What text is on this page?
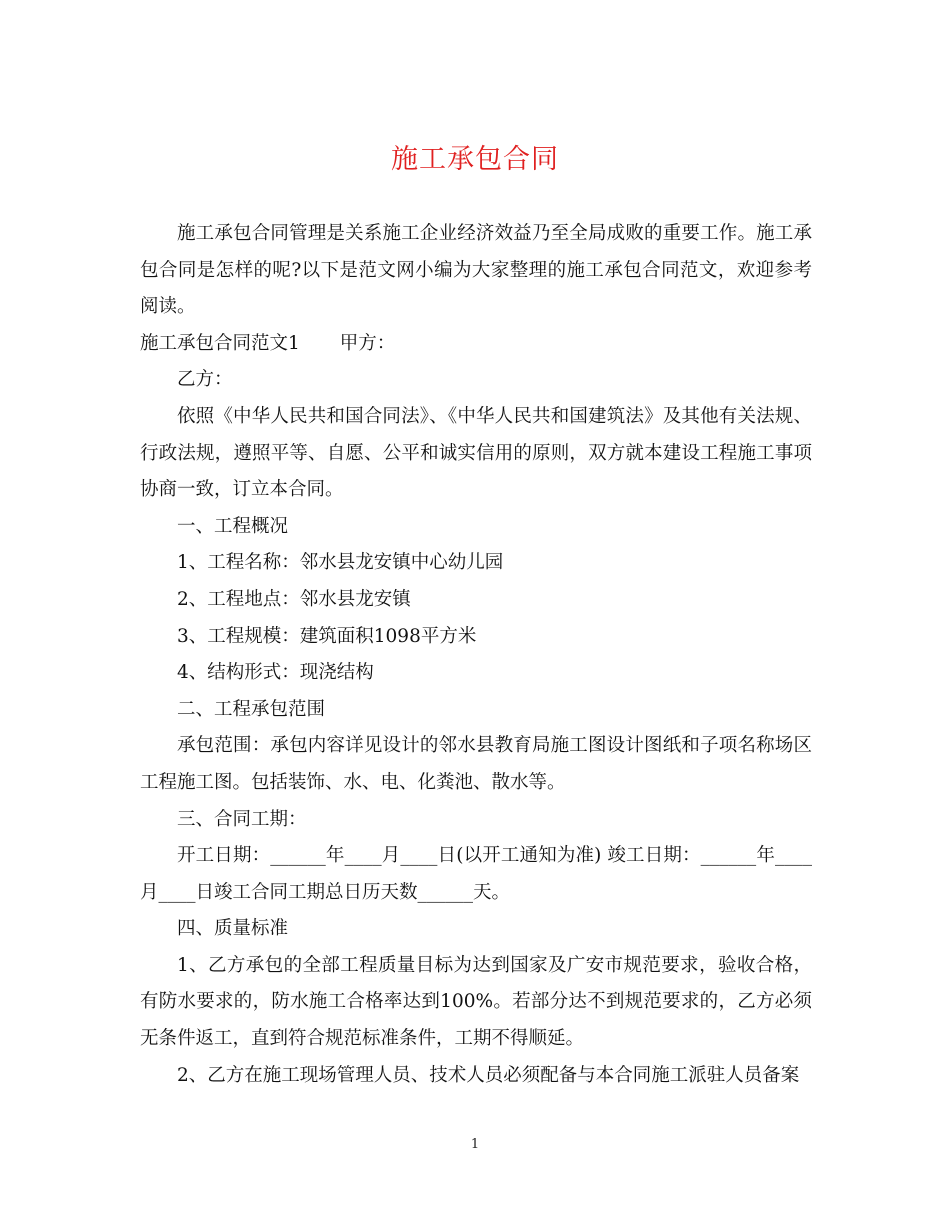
施工承包合同

施工承包合同管理是关系施工企业经济效益乃至全局成败的重要工作。施工承包合同是怎样的呢?以下是范文网小编为大家整理的施工承包合同范文，欢迎参考阅读。

施工承包合同范文1 甲方：

乙方：

依照《中华人民共和国合同法》、《中华人民共和国建筑法》及其他有关法规、行政法规，遵照平等、自愿、公平和诚实信用的原则，双方就本建设工程施工事项协商一致，订立本合同。

一、工程概况

1、工程名称：邻水县龙安镇中心幼儿园

2、工程地点：邻水县龙安镇

3、工程规模：建筑面积1098平方米

4、结构形式：现浇结构

二、工程承包范围

承包范围：承包内容详见设计的邻水县教育局施工图设计图纸和子项名称场区工程施工图。包括装饰、水、电、化粪池、散水等。

三、合同工期：

开工日期：______年____月____日(以开工通知为准) 竣工日期：______年____月____日竣工合同工期总日历天数______天。

四、质量标准

1、乙方承包的全部工程质量目标为达到国家及广安市规范要求，验收合格，有防水要求的，防水施工合格率达到100%。若部分达不到规范要求的，乙方必须无条件返工，直到符合规范标准条件，工期不得顺延。

2、乙方在施工现场管理人员、技术人员必须配备与本合同施工派驻人员备案

1
